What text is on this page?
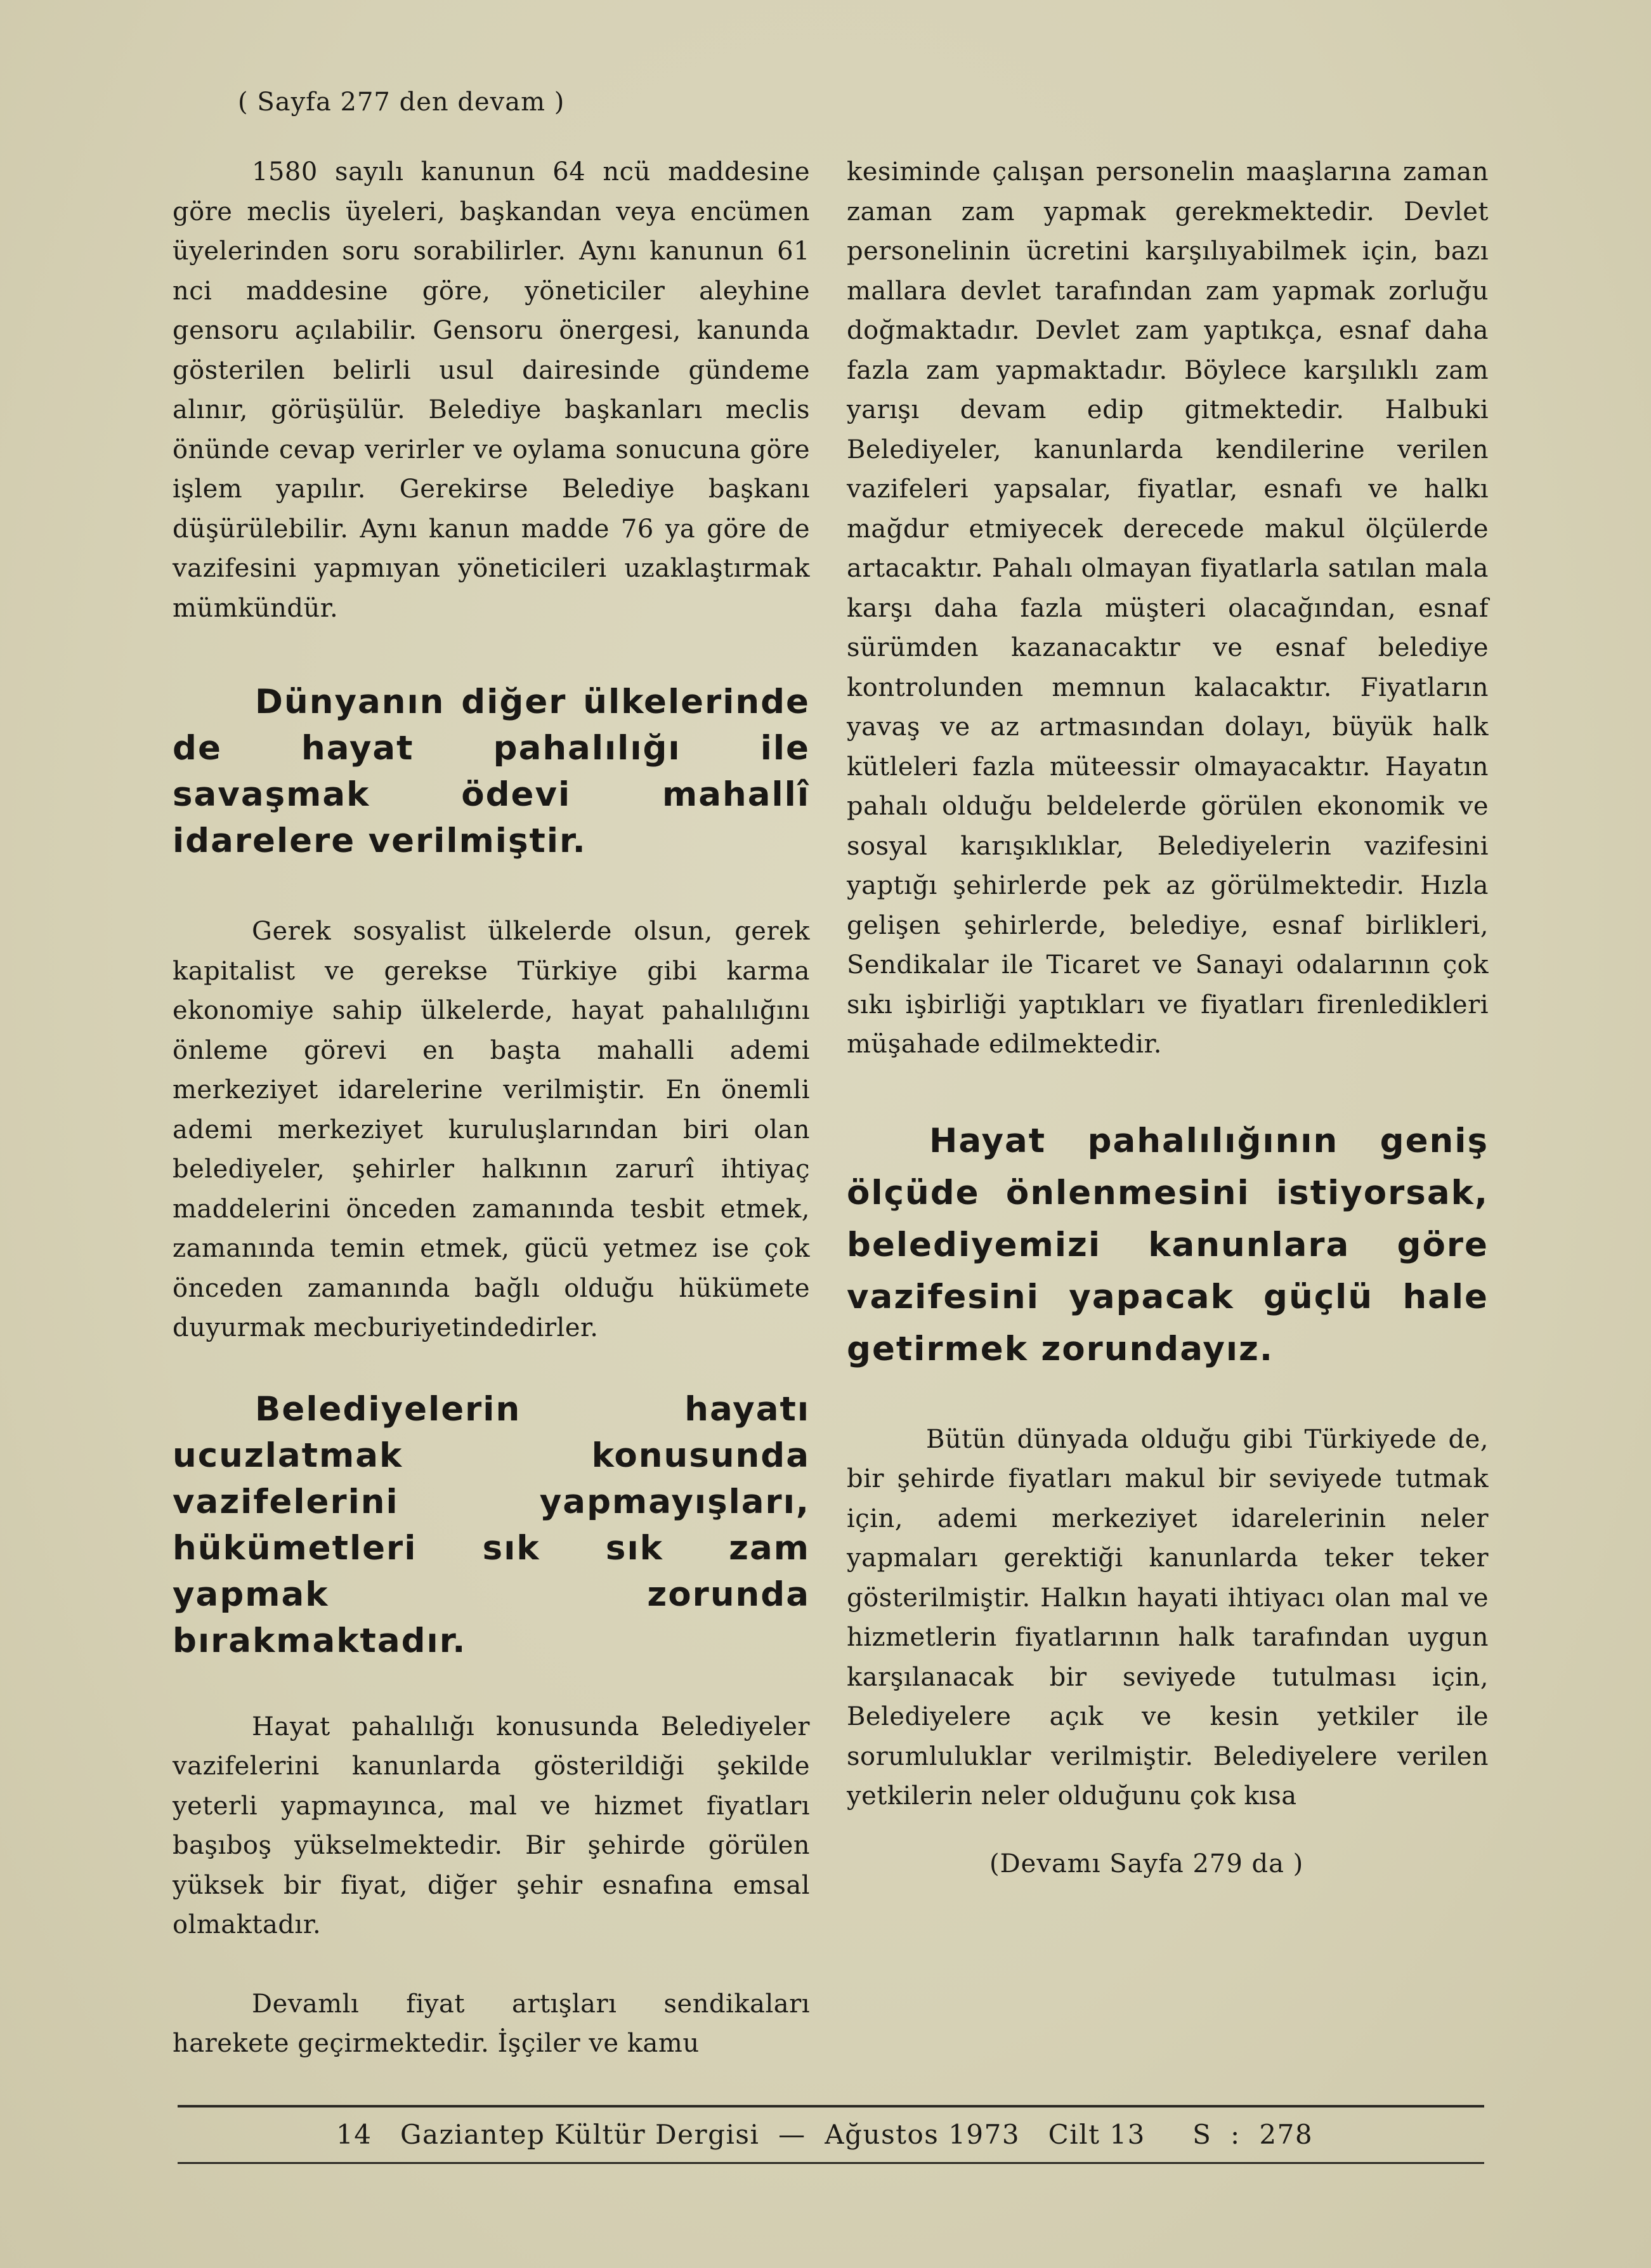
( Sayfa 277 den devam )

1580 sayılı kanunun 64 ncü maddesine göre meclis üyeleri, başkandan veya encümen üyelerinden soru sorabilirler. Aynı kanunun 61 nci maddesine göre, yöneticiler aleyhine gensoru açılabilir. Gensoru önergesi, kanunda gösterilen belirli usul dairesinde gündeme alınır, görüşülür. Belediye başkanları meclis önünde cevap verirler ve oylama sonucuna göre işlem yapılır. Gerekirse Belediye başkanı düşürülebilir. Aynı kanun madde 76 ya göre de vazifesini yapmıyan yöneticileri uzaklaştırmak mümkündür.

Dünyanın diğer ülkelerinde de hayat pahalılığı ile savaşmak ödevi mahallî idarelere verilmiştir.

Gerek sosyalist ülkelerde olsun, gerek kapitalist ve gerekse Türkiye gibi karma ekonomiye sahip ülkelerde, hayat pahalılığını önleme görevi en başta mahalli ademi merkeziyet idarelerine verilmiştir. En önemli ademi merkeziyet kuruluşlarından biri olan belediyeler, şehirler halkının zarurî ihtiyaç maddelerini önceden zamanında tesbit etmek, zamanında temin etmek, gücü yetmez ise çok önceden zamanında bağlı olduğu hükümete duyurmak mecburiyetindedirler.

Belediyelerin hayatı ucuzlatmak konusunda vazifelerini yapmayışları, hükümetleri sık sık zam yapmak zorunda bırakmaktadır.

Hayat pahalılığı konusunda Belediyeler vazifelerini kanunlarda gösterildiği şekilde yeterli yapmayınca, mal ve hizmet fiyatları başıboş yükselmektedir. Bir şehirde görülen yüksek bir fiyat, diğer şehir esnafına emsal olmaktadır.

Devamlı fiyat artışları sendikaları harekete geçirmektedir. İşçiler ve kamu

kesiminde çalışan personelin maaşlarına zaman zaman zam yapmak gerekmektedir. Devlet personelinin ücretini karşılıyabilmek için, bazı mallara devlet tarafından zam yapmak zorluğu doğmaktadır. Devlet zam yaptıkça, esnaf daha fazla zam yapmaktadır. Böylece karşılıklı zam yarışı devam edip gitmektedir. Halbuki Belediyeler, kanunlarda kendilerine verilen vazifeleri yapsalar, fiyatlar, esnafı ve halkı mağdur etmiyecek derecede makul ölçülerde artacaktır. Pahalı olmayan fiyatlarla satılan mala karşı daha fazla müşteri olacağından, esnaf sürümden kazanacaktır ve esnaf belediye kontrolunden memnun kalacaktır. Fiyatların yavaş ve az artmasından dolayı, büyük halk kütleleri fazla müteessir olmayacaktır. Hayatın pahalı olduğu beldelerde görülen ekonomik ve sosyal karışıklıklar, Belediyelerin vazifesini yaptığı şehirlerde pek az görülmektedir. Hızla gelişen şehirlerde, belediye, esnaf birlikleri, Sendikalar ile Ticaret ve Sanayi odalarının çok sıkı işbirliği yaptıkları ve fiyatları firenledikleri müşahade edilmektedir.

Hayat pahalılığının geniş ölçüde önlenmesini istiyorsak, belediyemizi kanunlara göre vazifesini yapacak güçlü hale getirmek zorundayız.

Bütün dünyada olduğu gibi Türkiyede de, bir şehirde fiyatları makul bir seviyede tutmak için, ademi merkeziyet idarelerinin neler yapmaları gerektiği kanunlarda teker teker gösterilmiştir. Halkın hayati ihtiyacı olan mal ve hizmetlerin fiyatlarının halk tarafından uygun karşılanacak bir seviyede tutulması için, Belediyelere açık ve kesin yetkiler ile sorumluluklar verilmiştir. Belediyelere verilen yetkilerin neler olduğunu çok kısa

(Devamı Sayfa 279 da )

14   Gaziantep Kültür Dergisi  —  Ağustos 1973   Cilt 13     S  :  278
